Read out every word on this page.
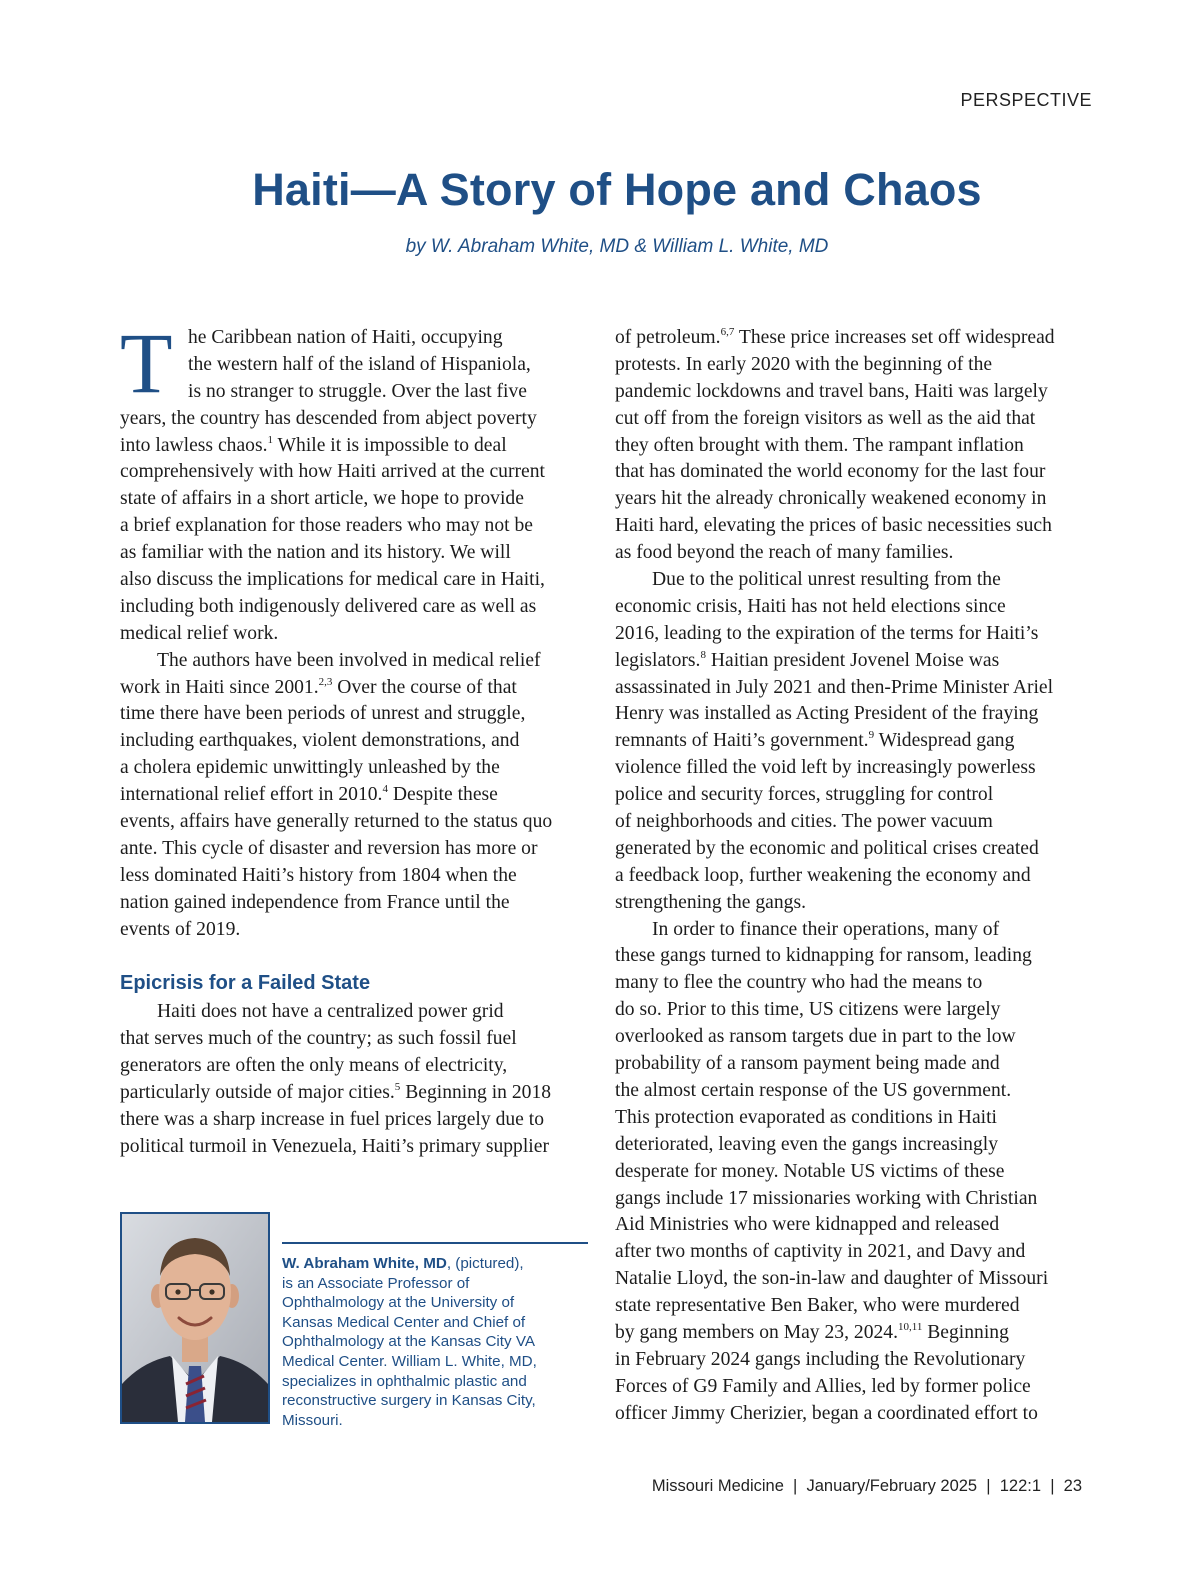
PERSPECTIVE
Haiti—A Story of Hope and Chaos
by W. Abraham White, MD & William L. White, MD
T he Caribbean nation of Haiti, occupying
the western half of the island of Hispaniola,
is no stranger to struggle. Over the last five
years, the country has descended from abject poverty
into lawless chaos.$^1$ While it is impossible to deal
comprehensively with how Haiti arrived at the current
state of affairs in a short article, we hope to provide
a brief explanation for those readers who may not be
as familiar with the nation and its history. We will
also discuss the implications for medical care in Haiti,
including both indigenously delivered care as well as
medical relief work.
The authors have been involved in medical relief
work in Haiti since 2001.$^{2,3}$ Over the course of that
time there have been periods of unrest and struggle,
including earthquakes, violent demonstrations, and
a cholera epidemic unwittingly unleashed by the
international relief effort in 2010.$^4$ Despite these
events, affairs have generally returned to the status quo
ante. This cycle of disaster and reversion has more or
less dominated Haiti’s history from 1804 when the
nation gained independence from France until the
events of 2019.
Epicrisis for a Failed State
Haiti does not have a centralized power grid
that serves much of the country; as such fossil fuel
generators are often the only means of electricity,
particularly outside of major cities.$^5$ Beginning in 2018
there was a sharp increase in fuel prices largely due to
political turmoil in Venezuela, Haiti’s primary supplier
of petroleum.$^{6,7}$ These price increases set off widespread
protests. In early 2020 with the beginning of the
pandemic lockdowns and travel bans, Haiti was largely
cut off from the foreign visitors as well as the aid that
they often brought with them. The rampant inflation
that has dominated the world economy for the last four
years hit the already chronically weakened economy in
Haiti hard, elevating the prices of basic necessities such
as food beyond the reach of many families.
Due to the political unrest resulting from the
economic crisis, Haiti has not held elections since
2016, leading to the expiration of the terms for Haiti’s
legislators.$^8$ Haitian president Jovenel Moise was
assassinated in July 2021 and then-Prime Minister Ariel
Henry was installed as Acting President of the fraying
remnants of Haiti’s government.$^9$ Widespread gang
violence filled the void left by increasingly powerless
police and security forces, struggling for control
of neighborhoods and cities. The power vacuum
generated by the economic and political crises created
a feedback loop, further weakening the economy and
strengthening the gangs.
In order to finance their operations, many of
these gangs turned to kidnapping for ransom, leading
many to flee the country who had the means to
do so. Prior to this time, US citizens were largely
overlooked as ransom targets due in part to the low
probability of a ransom payment being made and
the almost certain response of the US government.
This protection evaporated as conditions in Haiti
deteriorated, leaving even the gangs increasingly
desperate for money. Notable US victims of these
gangs include 17 missionaries working with Christian
Aid Ministries who were kidnapped and released
after two months of captivity in 2021, and Davy and
Natalie Lloyd, the son-in-law and daughter of Missouri
state representative Ben Baker, who were murdered
by gang members on May 23, 2024.$^{10,11}$ Beginning
in February 2024 gangs including the Revolutionary
Forces of G9 Family and Allies, led by former police
officer Jimmy Cherizier, began a coordinated effort to
W. Abraham White, MD, (pictured),
is an Associate Professor of
Ophthalmology at the University of
Kansas Medical Center and Chief of
Ophthalmology at the Kansas City VA
Medical Center. William L. White, MD,
specializes in ophthalmic plastic and
reconstructive surgery in Kansas City,
Missouri.
Missouri Medicine  |  January/February 2025  |  122:1  |  23
